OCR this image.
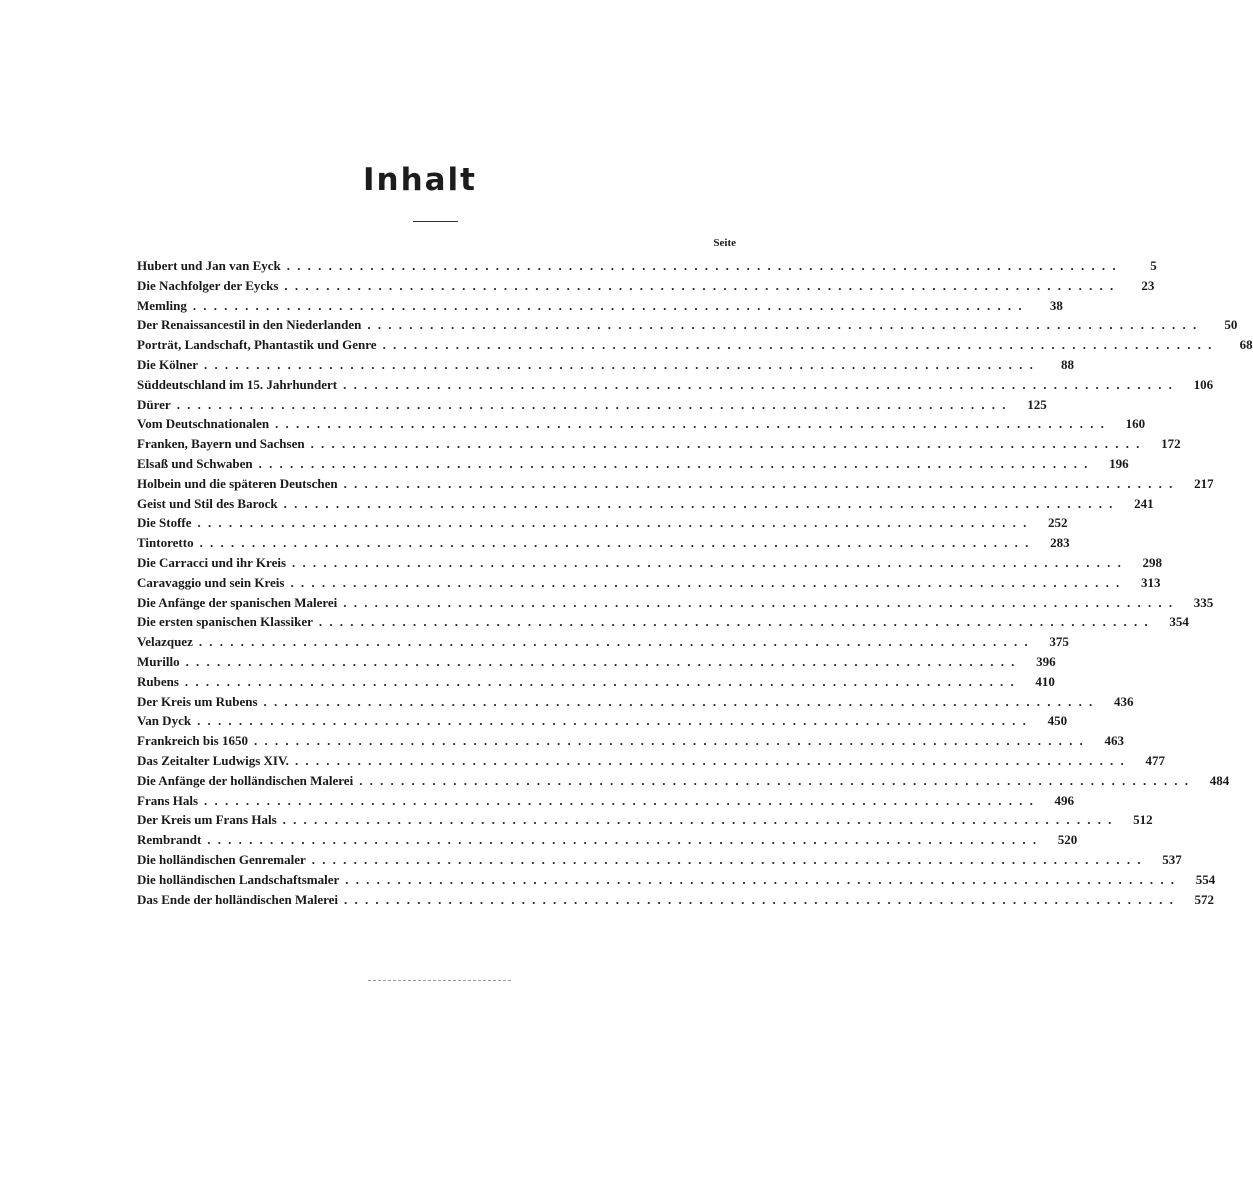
Inhalt
Seite
Hubert und Jan van Eyck ................................................................................	5
Die Nachfolger der Eycks ................................................................................	23
Memling ................................................................................	38
Der Renaissancestil in den Niederlanden ................................................................................	50
Porträt, Landschaft, Phantastik und Genre ................................................................................	68
Die Kölner ................................................................................	88
Süddeutschland im 15. Jahrhundert ................................................................................	106
Dürer ................................................................................	125
Vom Deutschnationalen ................................................................................	160
Franken, Bayern und Sachsen ................................................................................	172
Elsaß und Schwaben ................................................................................	196
Holbein und die späteren Deutschen ................................................................................	217
Geist und Stil des Barock ................................................................................	241
Die Stoffe ................................................................................	252
Tintoretto ................................................................................	283
Die Carracci und ihr Kreis ................................................................................	298
Caravaggio und sein Kreis ................................................................................	313
Die Anfänge der spanischen Malerei ................................................................................	335
Die ersten spanischen Klassiker ................................................................................	354
Velazquez ................................................................................	375
Murillo ................................................................................	396
Rubens ................................................................................	410
Der Kreis um Rubens ................................................................................	436
Van Dyck ................................................................................	450
Frankreich bis 1650 ................................................................................	463
Das Zeitalter Ludwigs XIV. ................................................................................	477
Die Anfänge der holländischen Malerei ................................................................................	484
Frans Hals ................................................................................	496
Der Kreis um Frans Hals ................................................................................	512
Rembrandt ................................................................................	520
Die holländischen Genremaler ................................................................................	537
Die holländischen Landschaftsmaler ................................................................................	554
Das Ende der holländischen Malerei ................................................................................	572
